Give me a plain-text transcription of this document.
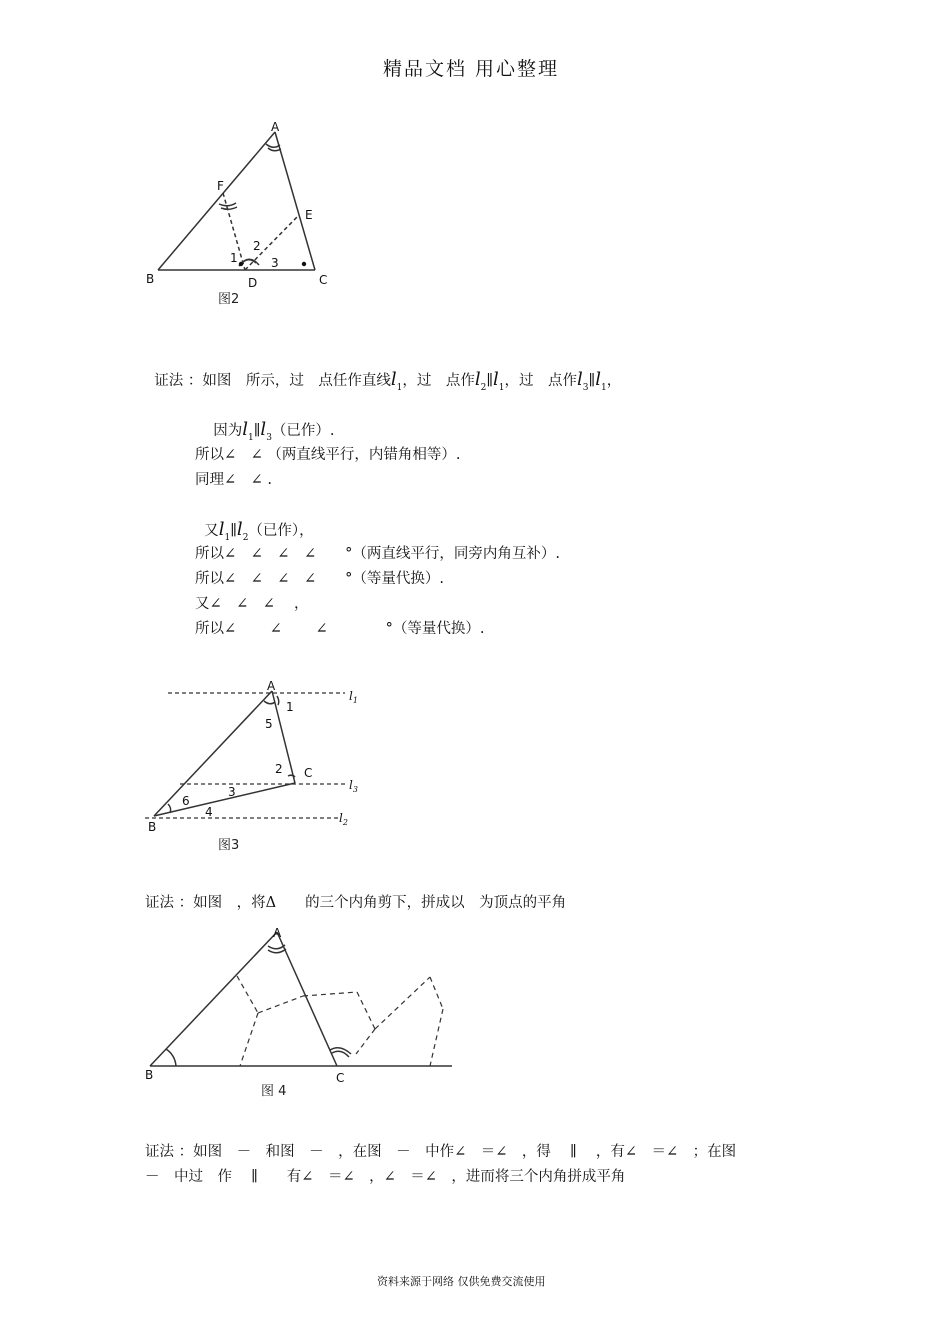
精品文档 用心整理
A
F
E
B	D	C
1
2
3
图2

证法 ：如图　所示，过　点任作直线$l_1$，过　点作$l_2\parallel l_1$，过　点作$l_3\parallel l_1$，

因为$l_1\parallel l_3$（已作）.

所以∠　∠ （两直线平行，内错角相等）.
同理∠　∠ .

又$l_1\parallel l_2$（已作），

所以∠　∠　∠　∠　　°（两直线平行，同旁内角互补）.
所以∠　∠　∠　∠　　°（等量代换）.
又∠　∠　∠　 ，
所以∠　　 ∠　　 ∠　　　　°（等量代换）.
A
B
C
1
5
2
3
6
4
$l_1$
$l_3$
$l_2$
图3
证法 ：如图　，将Δ　　的三个内角剪下，拼成以　为顶点的平角
A
B	C
图 4
证法 ：如图　－　和图　－　，在图　－　中作∠　＝∠　，得　 ∥　 ，有∠　＝∠　；在图
－　中过　作　 ∥　　有∠　＝∠　，∠　＝∠　，进而将三个内角拼成平角
资料来源于网络 仅供免费交流使用
